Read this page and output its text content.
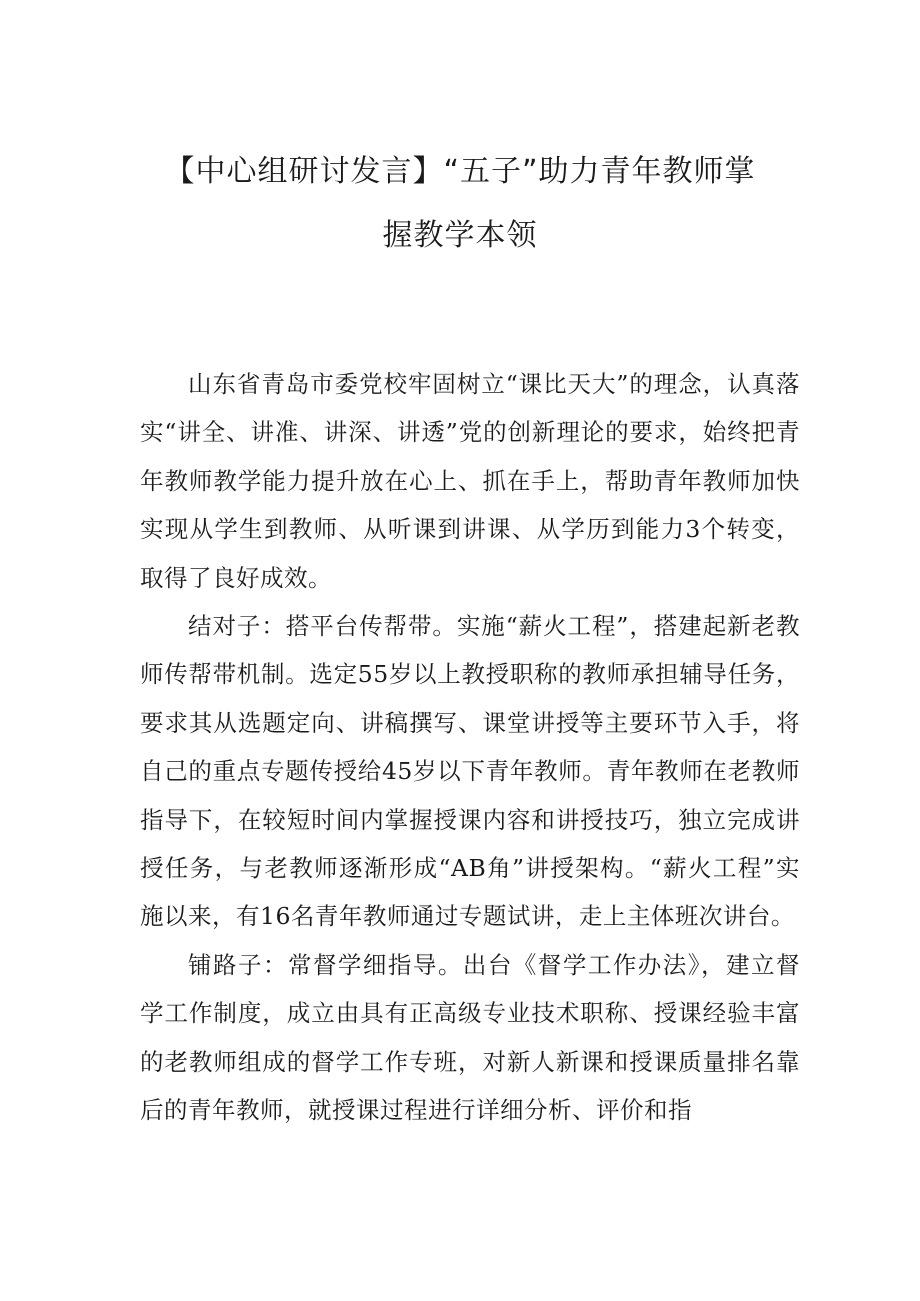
【中心组研讨发言】“五子”助力青年教师掌
握教学本领

山东省青岛市委党校牢固树立“课比天大”的理念，认真落实“讲全、讲准、讲深、讲透”党的创新理论的要求，始终把青年教师教学能力提升放在心上、抓在手上，帮助青年教师加快实现从学生到教师、从听课到讲课、从学历到能力3个转变，取得了良好成效。

结对子：搭平台传帮带。实施“薪火工程”，搭建起新老教师传帮带机制。选定55岁以上教授职称的教师承担辅导任务，要求其从选题定向、讲稿撰写、课堂讲授等主要环节入手，将自己的重点专题传授给45岁以下青年教师。青年教师在老教师指导下，在较短时间内掌握授课内容和讲授技巧，独立完成讲授任务，与老教师逐渐形成“AB角”讲授架构。“薪火工程”实施以来，有16名青年教师通过专题试讲，走上主体班次讲台。

铺路子：常督学细指导。出台《督学工作办法》，建立督学工作制度，成立由具有正高级专业技术职称、授课经验丰富的老教师组成的督学工作专班，对新人新课和授课质量排名靠后的青年教师，就授课过程进行详细分析、评价和指
